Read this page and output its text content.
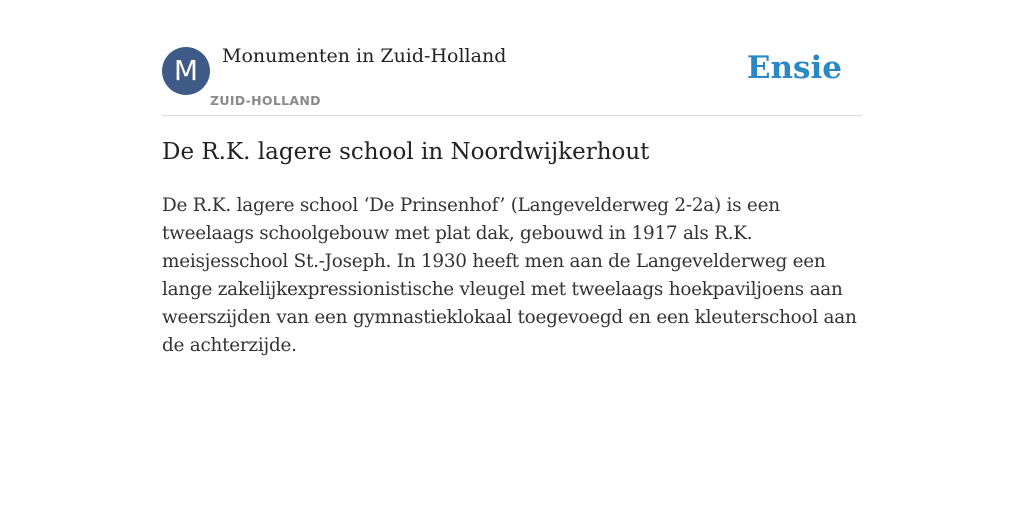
M	Monumenten in Zuid-Holland
ZUID-HOLLAND
Ensie
De R.K. lagere school in Noordwijkerhout

De R.K. lagere school ‘De Prinsenhof’ (Langevelderweg 2-2a) is een tweelaags schoolgebouw met plat dak, gebouwd in 1917 als R.K. meisjesschool St.-Joseph. In 1930 heeft men aan de Langevelderweg een lange zakelijkexpressionistische vleugel met tweelaags hoekpaviljoens aan weerszijden van een gymnastieklokaal toegevoegd en een kleuterschool aan de achterzijde.
